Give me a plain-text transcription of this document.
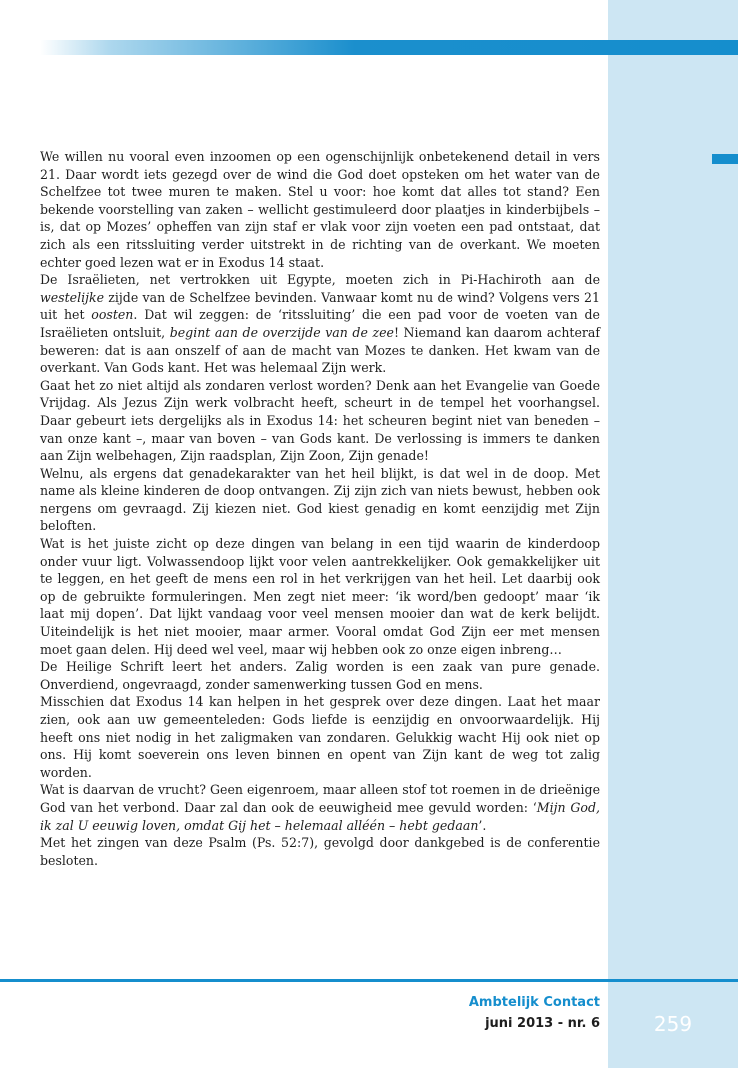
We willen nu vooral even inzoomen op een ogenschijnlijk onbetekenend detail in vers 21. Daar wordt iets gezegd over de wind die God doet opsteken om het water van de Schelfzee tot twee muren te maken. Stel u voor: hoe komt dat alles tot stand? Een bekende voorstelling van zaken – wellicht gestimuleerd door plaatjes in kinderbijbels – is, dat op Mozes’ opheffen van zijn staf er vlak voor zijn voeten een pad ontstaat, dat zich als een ritssluiting verder uitstrekt in de richting van de overkant. We moeten echter goed lezen wat er in Exodus 14 staat.

De Israëlieten, net vertrokken uit Egypte, moeten zich in Pi-Hachiroth aan de westelijke zijde van de Schelfzee bevinden. Vanwaar komt nu de wind? Volgens vers 21 uit het oosten. Dat wil zeggen: de ‘ritssluiting’ die een pad voor de voeten van de Israëlieten ontsluit, begint aan de overzijde van de zee! Niemand kan daarom achteraf beweren: dat is aan onszelf of aan de macht van Mozes te danken. Het kwam van de overkant. Van Gods kant. Het was helemaal Zijn werk.

Gaat het zo niet altijd als zondaren verlost worden? Denk aan het Evangelie van Goede Vrijdag. Als Jezus Zijn werk volbracht heeft, scheurt in de tempel het voorhangsel. Daar gebeurt iets dergelijks als in Exodus 14: het scheuren begint niet van beneden – van onze kant –, maar van boven – van Gods kant. De verlossing is immers te danken aan Zijn welbehagen, Zijn raadsplan, Zijn Zoon, Zijn genade!

Welnu, als ergens dat genadekarakter van het heil blijkt, is dat wel in de doop. Met name als kleine kinderen de doop ontvangen. Zij zijn zich van niets bewust, hebben ook nergens om gevraagd. Zij kiezen niet. God kiest genadig en komt eenzijdig met Zijn beloften.

Wat is het juiste zicht op deze dingen van belang in een tijd waarin de kinderdoop onder vuur ligt. Volwassendoop lijkt voor velen aantrekkelijker. Ook gemakkelijker uit te leggen, en het geeft de mens een rol in het verkrijgen van het heil. Let daarbij ook op de gebruikte formuleringen. Men zegt niet meer: ‘ik word/ben gedoopt’ maar ‘ik laat mij dopen’. Dat lijkt vandaag voor veel mensen mooier dan wat de kerk belijdt. Uiteindelijk is het niet mooier, maar armer. Vooral omdat God Zijn eer met mensen moet gaan delen. Hij deed wel veel, maar wij hebben ook zo onze eigen inbreng…

De Heilige Schrift leert het anders. Zalig worden is een zaak van pure genade. Onverdiend, ongevraagd, zonder samenwerking tussen God en mens.

Misschien dat Exodus 14 kan helpen in het gesprek over deze dingen. Laat het maar zien, ook aan uw gemeenteleden: Gods liefde is eenzijdig en onvoorwaardelijk. Hij heeft ons niet nodig in het zaligmaken van zondaren. Gelukkig wacht Hij ook niet op ons. Hij komt soeverein ons leven binnen en opent van Zijn kant de weg tot zalig worden.

Wat is daarvan de vrucht? Geen eigenroem, maar alleen stof tot roemen in de drieënige God van het verbond. Daar zal dan ook de eeuwigheid mee gevuld worden: ‘Mijn God, ik zal U eeuwig loven, omdat Gij het – helemaal alléén – hebt gedaan’.

Met het zingen van deze Psalm (Ps. 52:7), gevolgd door dankgebed is de conferentie besloten.

Ambtelijk Contact
juni 2013 - nr. 6	259
